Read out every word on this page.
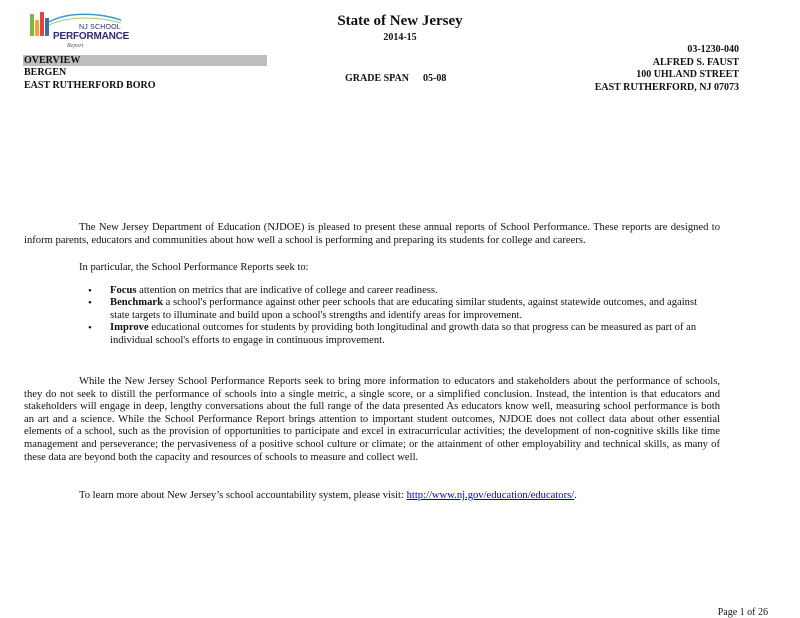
NJ SCHOOL
PERFORMANCE
Report
State of New Jersey
2014-15
OVERVIEW
BERGEN
EAST RUTHERFORD BORO
GRADE SPAN 05-08
03-1230-040
ALFRED S. FAUST
100 UHLAND STREET
EAST RUTHERFORD, NJ 07073

The New Jersey Department of Education (NJDOE) is pleased to present these annual reports of School Performance. These reports are designed to inform parents, educators and communities about how well a school is performing and preparing its students for college and careers.

In particular, the School Performance Reports seek to:

• Focus attention on metrics that are indicative of college and career readiness.
• Benchmark a school's performance against other peer schools that are educating similar students, against statewide outcomes, and against state targets to illuminate and build upon a school's strengths and identify areas for improvement.
• Improve educational outcomes for students by providing both longitudinal and growth data so that progress can be measured as part of an individual school's efforts to engage in continuous improvement.

While the New Jersey School Performance Reports seek to bring more information to educators and stakeholders about the performance of schools, they do not seek to distill the performance of schools into a single metric, a single score, or a simplified conclusion. Instead, the intention is that educators and stakeholders will engage in deep, lengthy conversations about the full range of the data presented As educators know well, measuring school performance is both an art and a science. While the School Performance Report brings attention to important student outcomes, NJDOE does not collect data about other essential elements of a school, such as the provision of opportunities to participate and excel in extracurricular activities; the development of non-cognitive skills like time management and perseverance; the pervasiveness of a positive school culture or climate; or the attainment of other employability and technical skills, as many of these data are beyond both the capacity and resources of schools to measure and collect well.

To learn more about New Jersey’s school accountability system, please visit: http://www.nj.gov/education/educators/.

Page 1 of 26
